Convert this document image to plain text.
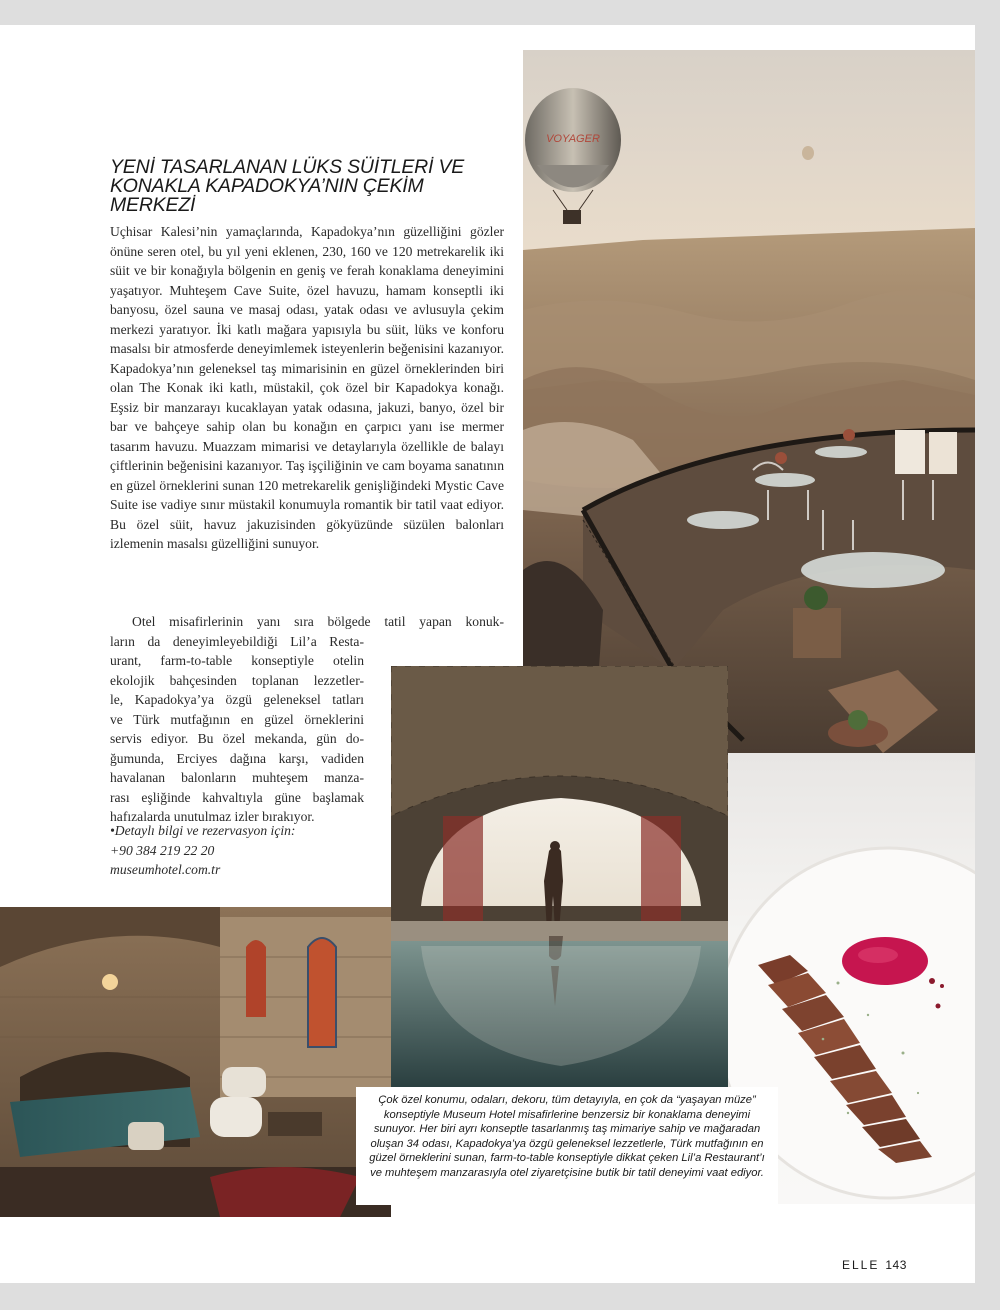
VOYAGER
YENİ TASARLANAN LÜKS SÜİTLERİ VE
KONAKLA KAPADOKYA’NIN ÇEKİM
MERKEZİ

Uçhisar Kalesi’nin yamaçlarında, Kapadokya’nın güzelliğini gözler önüne seren otel, bu yıl yeni eklenen, 230, 160 ve 120 metrekarelik iki süit ve bir konağıyla bölgenin en geniş ve ferah konaklama deneyimini yaşatıyor. Muhteşem Cave Suite, özel havuzu, hamam konseptli iki banyosu, özel sauna ve masaj odası, yatak odası ve avlusuyla çekim merkezi yaratıyor. İki katlı mağara yapısıyla bu süit, lüks ve konforu masalsı bir atmosferde deneyimlemek isteyenlerin beğenisini kazanıyor. Kapadokya’nın geleneksel taş mimarisinin en güzel örneklerinden biri olan The Konak iki katlı, müstakil, çok özel bir Kapadokya konağı. Eşsiz bir manzarayı kucaklayan yatak odasına, jakuzi, banyo, özel bir bar ve bahçeye sahip olan bu konağın en çarpıcı yanı ise mermer tasarım havuzu. Muazzam mimarisi ve detaylarıyla özellikle de balayı çiftlerinin beğenisini kazanıyor. Taş işçiliğinin ve cam boyama sanatının en güzel örneklerini sunan 120 metrekarelik genişliğindeki Mystic Cave Suite ise vadiye sınır müstakil konumuyla romantik bir tatil vaat ediyor. Bu özel süit, havuz jakuzisinden gökyüzünde süzülen balonları izlemenin masalsı güzelliğini sunuyor.

Otel misafirlerinin yanı sıra bölgede tatil yapan konuk-
ların da deneyimleyebildiği Lil’a Resta-
urant, farm-to-table konseptiyle otelin
ekolojik bahçesinden toplanan lezzetler-
le, Kapadokya’ya özgü geleneksel tatları
ve Türk mutfağının en güzel örneklerini
servis ediyor. Bu özel mekanda, gün do-
ğumunda, Erciyes dağına karşı, vadiden
havalanan balonların muhteşem manza-
rası eşliğinde kahvaltıyla güne başlamak
hafızalarda unutulmaz izler bırakıyor.
•Detaylı bilgi ve rezervasyon için:
+90 384 219 22 20
museumhotel.com.tr
Çok özel konumu, odaları, dekoru, tüm detayıyla, en çok da “yaşayan müze” konseptiyle Museum Hotel misafirlerine benzersiz bir konaklama deneyimi sunuyor. Her biri ayrı konseptle tasarlanmış taş mimariye sahip ve mağaradan oluşan 34 odası, Kapadokya’ya özgü geleneksel lezzetlerle, Türk mutfağının en güzel örneklerini sunan, farm-to-table konseptiyle dikkat çeken Lil’a Restaurant’ı ve muhteşem manzarasıyla otel ziyaretçisine butik bir tatil deneyimi vaat ediyor.
ELLE 143
